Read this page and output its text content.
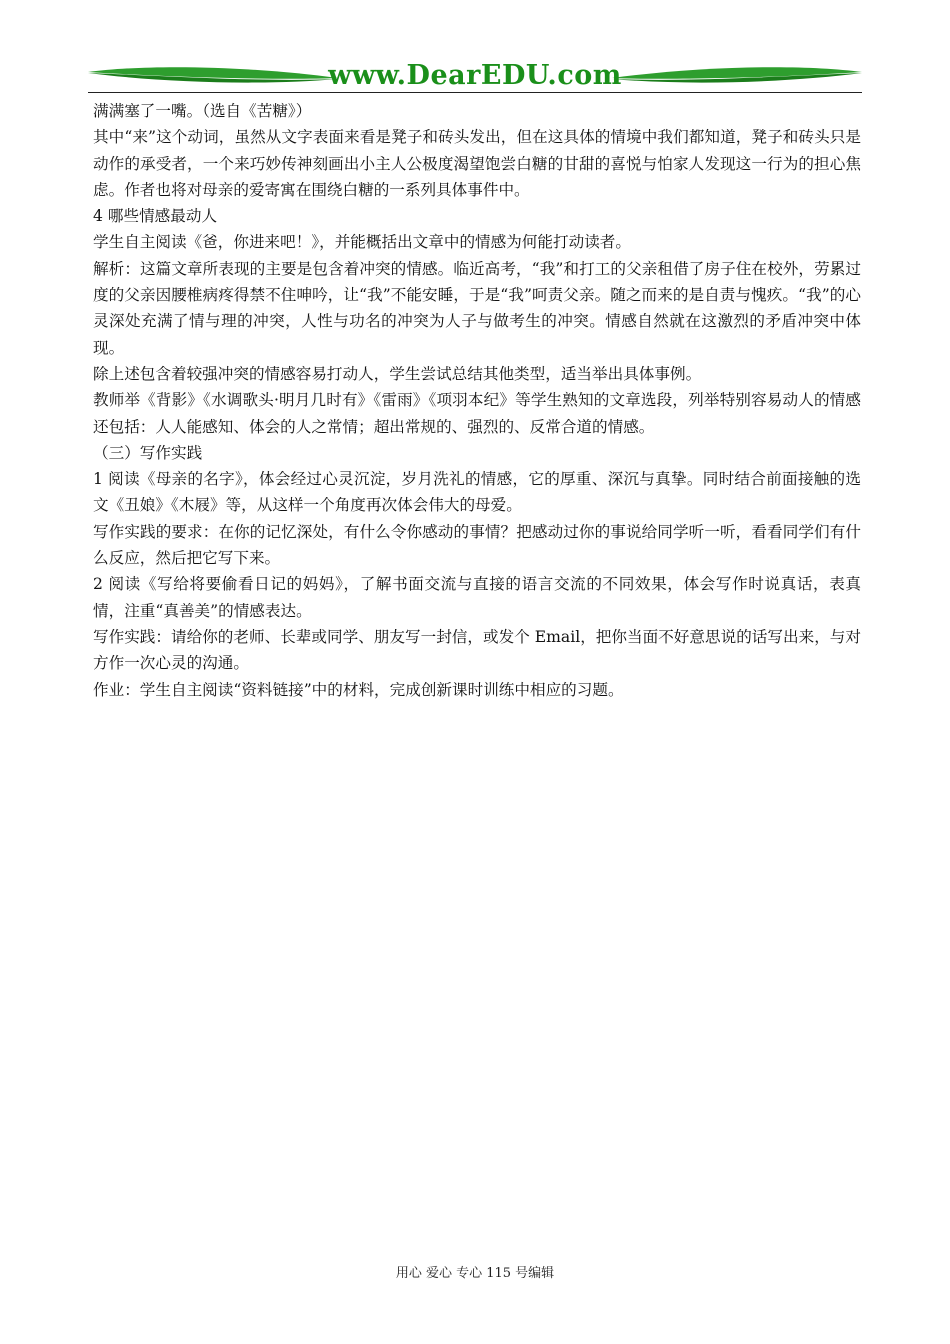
www.DearEDU.com

满满塞了一嘴。（选自《苦糖》）

其中“来”这个动词，虽然从文字表面来看是凳子和砖头发出，但在这具体的情境中我们都知道，凳子和砖头只是动作的承受者，一个来巧妙传神刻画出小主人公极度渴望饱尝白糖的甘甜的喜悦与怕家人发现这一行为的担心焦虑。作者也将对母亲的爱寄寓在围绕白糖的一系列具体事件中。

4 哪些情感最动人

学生自主阅读《爸，你进来吧！》，并能概括出文章中的情感为何能打动读者。

解析：这篇文章所表现的主要是包含着冲突的情感。临近高考，“我”和打工的父亲租借了房子住在校外，劳累过度的父亲因腰椎病疼得禁不住呻吟，让“我”不能安睡，于是“我”呵责父亲。随之而来的是自责与愧疚。“我”的心灵深处充满了情与理的冲突，人性与功名的冲突为人子与做考生的冲突。情感自然就在这激烈的矛盾冲突中体现。

除上述包含着较强冲突的情感容易打动人，学生尝试总结其他类型，适当举出具体事例。

教师举《背影》《水调歌头·明月几时有》《雷雨》《项羽本纪》等学生熟知的文章选段，列举特别容易动人的情感还包括：人人能感知、体会的人之常情；超出常规的、强烈的、反常合道的情感。

（三）写作实践

1 阅读《母亲的名字》，体会经过心灵沉淀，岁月洗礼的情感，它的厚重、深沉与真挚。同时结合前面接触的选文《丑娘》《木屐》等，从这样一个角度再次体会伟大的母爱。

写作实践的要求：在你的记忆深处，有什么令你感动的事情？把感动过你的事说给同学听一听，看看同学们有什么反应，然后把它写下来。

2 阅读《写给将要偷看日记的妈妈》，了解书面交流与直接的语言交流的不同效果，体会写作时说真话，表真情，注重“真善美”的情感表达。

写作实践：请给你的老师、长辈或同学、朋友写一封信，或发个 Email，把你当面不好意思说的话写出来，与对方作一次心灵的沟通。

作业：学生自主阅读“资料链接”中的材料，完成创新课时训练中相应的习题。

用心 爱心 专心 115 号编辑
